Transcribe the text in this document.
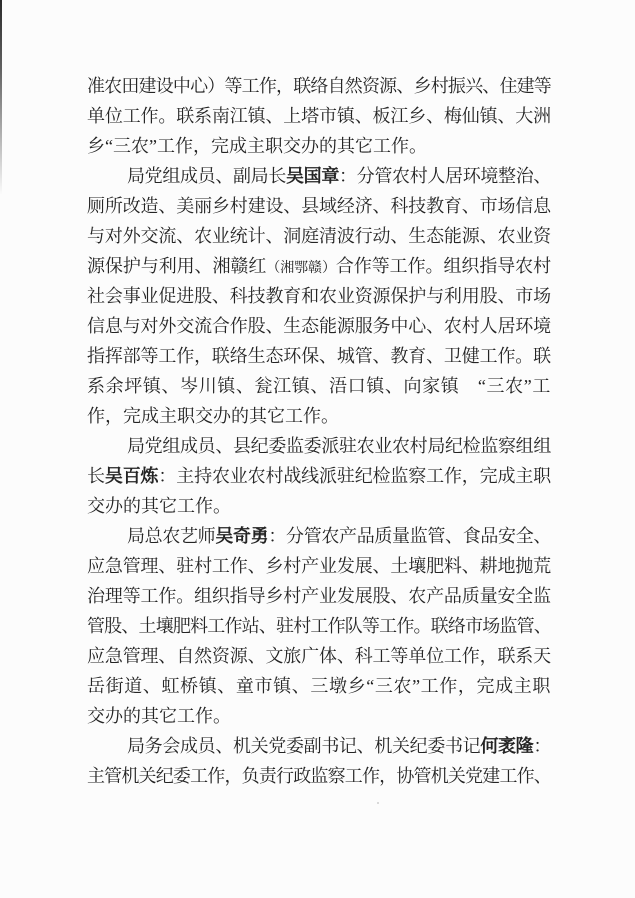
准农田建设中心）等工作，联络自然资源、乡村振兴、住建等
单位工作。联系南江镇、上塔市镇、板江乡、梅仙镇、大洲
乡“三农”工作，完成主职交办的其它工作。
局党组成员、副局长吴国章：分管农村人居环境整治、
厕所改造、美丽乡村建设、县域经济、科技教育、市场信息
与对外交流、农业统计、洞庭清波行动、生态能源、农业资
源保护与利用、湘赣红（湘鄂赣）合作等工作。组织指导农村
社会事业促进股、科技教育和农业资源保护与利用股、市场
信息与对外交流合作股、生态能源服务中心、农村人居环境
指挥部等工作，联络生态环保、城管、教育、卫健工作。联
系余坪镇、岑川镇、瓮江镇、浯口镇、向家镇　“三农”工
作，完成主职交办的其它工作。
局党组成员、县纪委监委派驻农业农村局纪检监察组组
长吴百炼：主持农业农村战线派驻纪检监察工作，完成主职
交办的其它工作。
局总农艺师吴奇勇：分管农产品质量监管、食品安全、
应急管理、驻村工作、乡村产业发展、土壤肥料、耕地抛荒
治理等工作。组织指导乡村产业发展股、农产品质量安全监
管股、土壤肥料工作站、驻村工作队等工作。联络市场监管、
应急管理、自然资源、文旅广体、科工等单位工作，联系天
岳街道、虹桥镇、童市镇、三墩乡“三农”工作，完成主职
交办的其它工作。
局务会成员、机关党委副书记、机关纪委书记何袤隆：
主管机关纪委工作，负责行政监察工作，协管机关党建工作、
